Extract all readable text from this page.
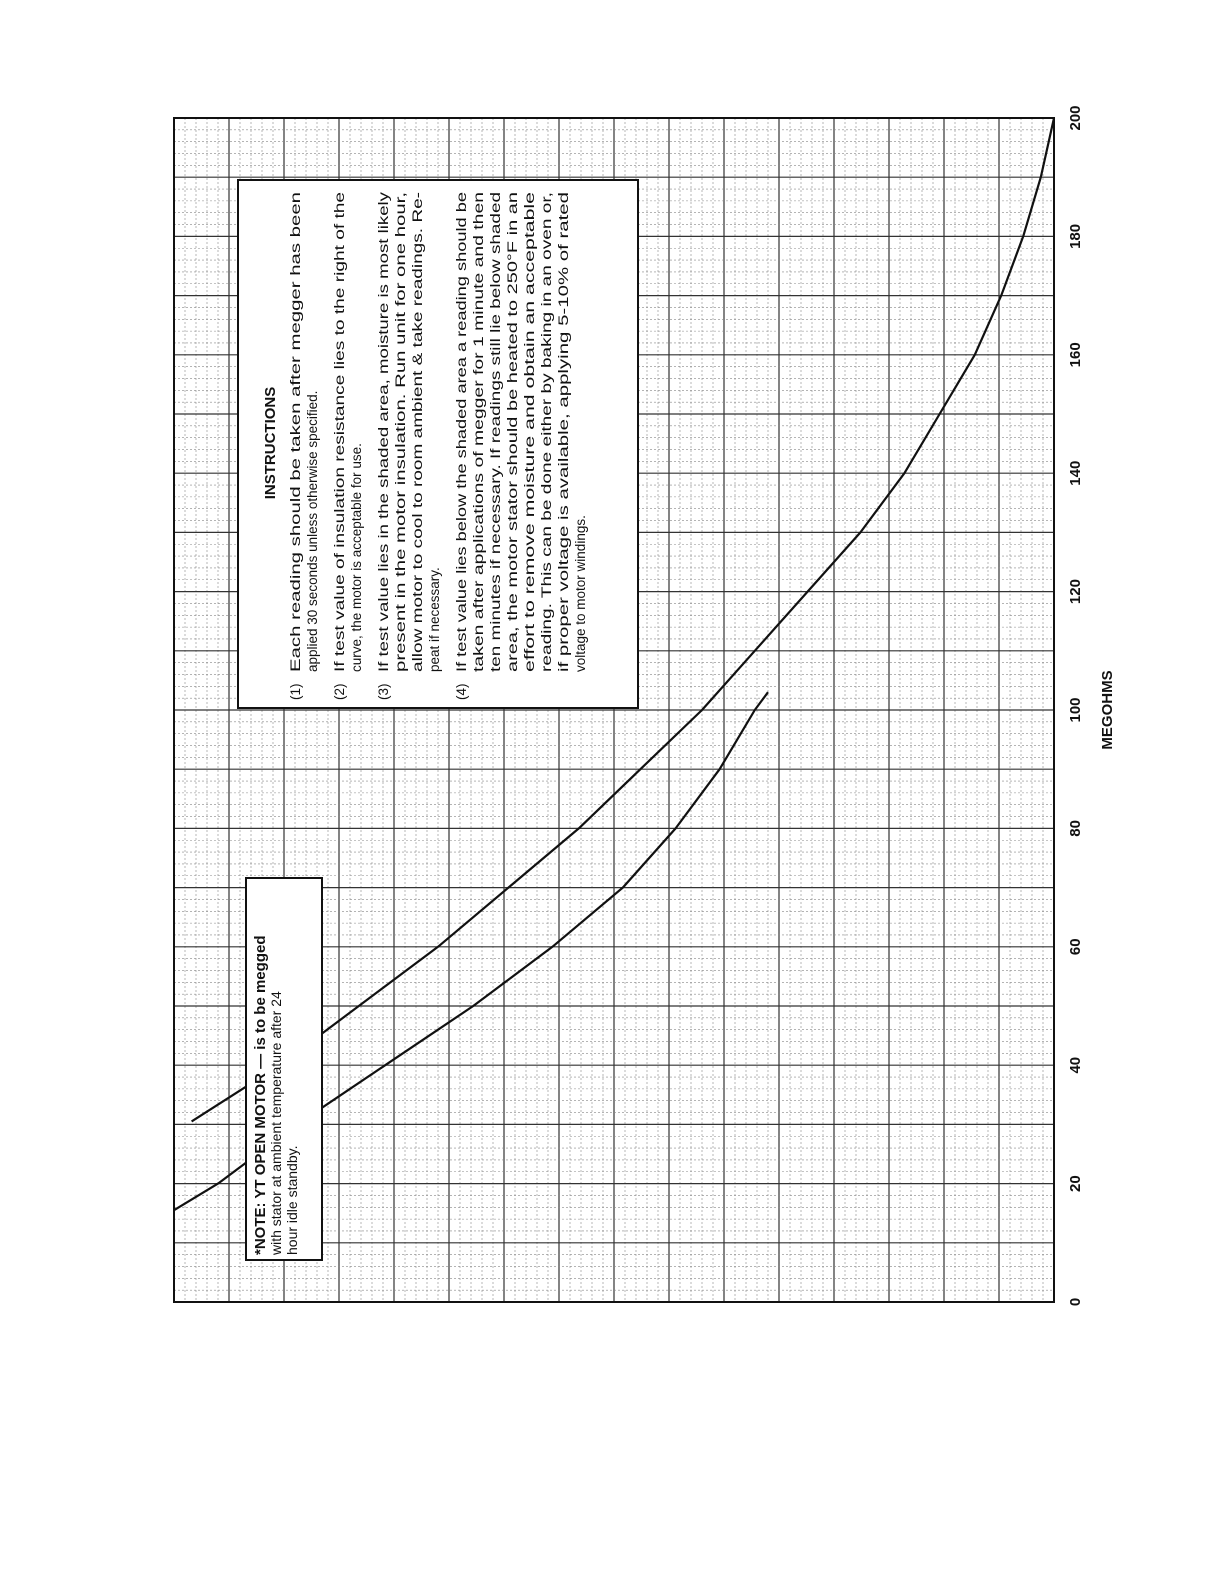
0
20
40
60
80
100
120
140
160
180
200
MEGOHMS
INSTRUCTIONS
(1)
Each reading should be taken after megger has been applied 30 seconds unless otherwise specified.
(2)
If test value of insulation resistance lies to the right of the curve, the motor is acceptable for use.
(3)
If test value lies in the shaded area, moisture is most likely present in the motor insulation. Run unit for one hour, allow motor to cool to room ambient & take readings. Re- peat if necessary.
(4)
If test value lies below the shaded area a reading should be taken after applications of megger for 1 minute and then ten minutes if necessary. If readings still lie below shaded area, the motor stator should be heated to 250°F in an effort to remove moisture and obtain an acceptable reading. This can be done either by baking in an oven or, if proper voltage is available, applying 5-10% of rated voltage to motor windings.
*NOTE: YT OPEN MOTOR — is to be megged with stator at ambient temperature after 24 hour idle standby.
